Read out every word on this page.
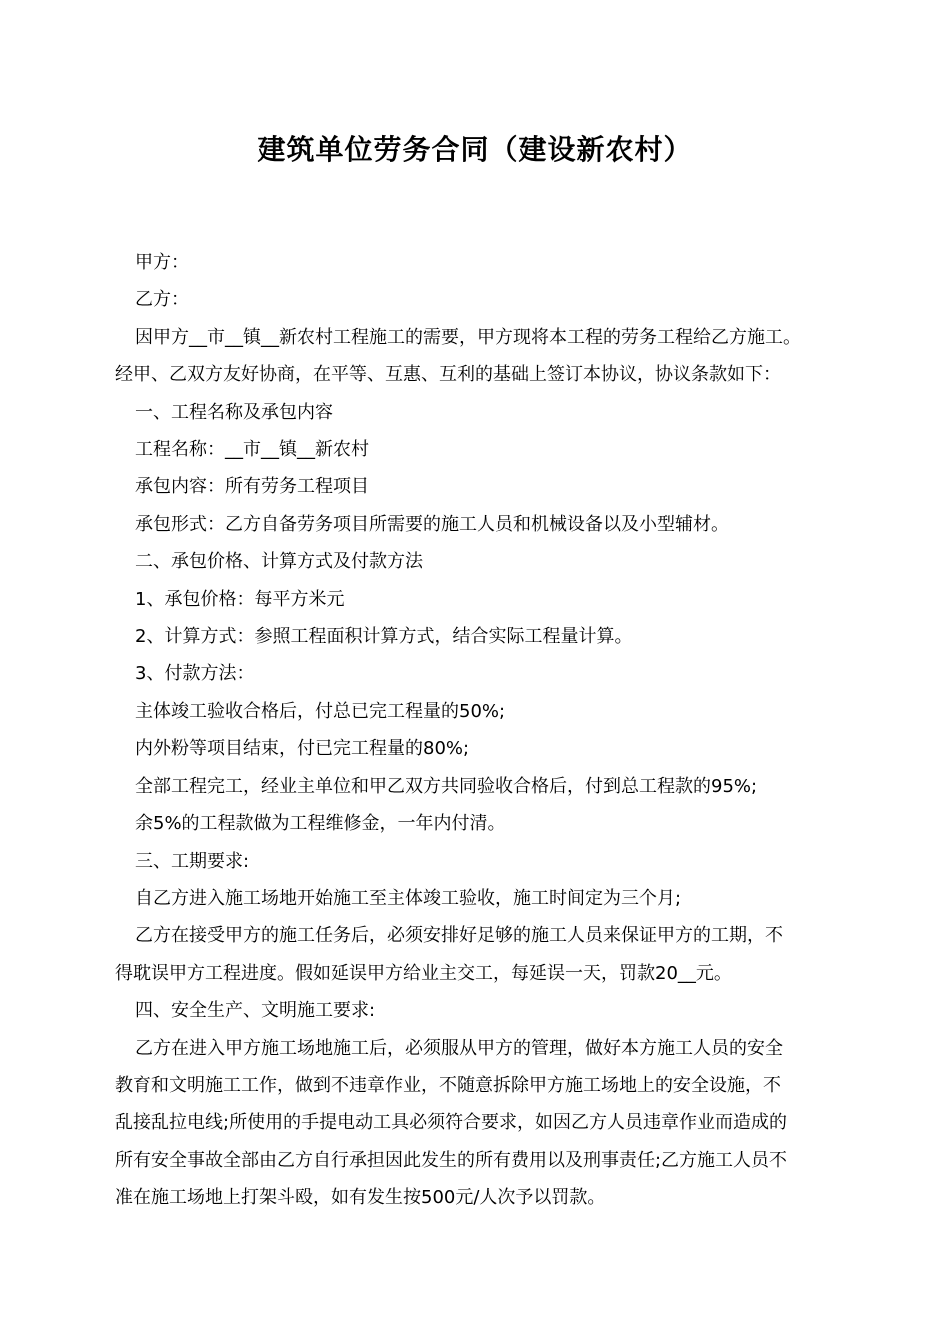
建筑单位劳务合同（建设新农村）

甲方：

乙方：

因甲方__市__镇__新农村工程施工的需要，甲方现将本工程的劳务工程给乙方施工。

经甲、乙双方友好协商，在平等、互惠、互利的基础上签订本协议，协议条款如下：

一、工程名称及承包内容

工程名称：__市__镇__新农村

承包内容：所有劳务工程项目

承包形式：乙方自备劳务项目所需要的施工人员和机械设备以及小型辅材。

二、承包价格、计算方式及付款方法

1、承包价格：每平方米元

2、计算方式：参照工程面积计算方式，结合实际工程量计算。

3、付款方法：

主体竣工验收合格后，付总已完工程量的50%;

内外粉等项目结束，付已完工程量的80%;

全部工程完工，经业主单位和甲乙双方共同验收合格后，付到总工程款的95%;

余5%的工程款做为工程维修金，一年内付清。

三、工期要求:

自乙方进入施工场地开始施工至主体竣工验收，施工时间定为三个月;

乙方在接受甲方的施工任务后，必须安排好足够的施工人员来保证甲方的工期，不

得耽误甲方工程进度。假如延误甲方给业主交工，每延误一天，罚款20__元。

四、安全生产、文明施工要求:

乙方在进入甲方施工场地施工后，必须服从甲方的管理，做好本方施工人员的安全

教育和文明施工工作，做到不违章作业，不随意拆除甲方施工场地上的安全设施，不

乱接乱拉电线;所使用的手提电动工具必须符合要求，如因乙方人员违章作业而造成的

所有安全事故全部由乙方自行承担因此发生的所有费用以及刑事责任;乙方施工人员不

准在施工场地上打架斗殴，如有发生按500元/人次予以罚款。
